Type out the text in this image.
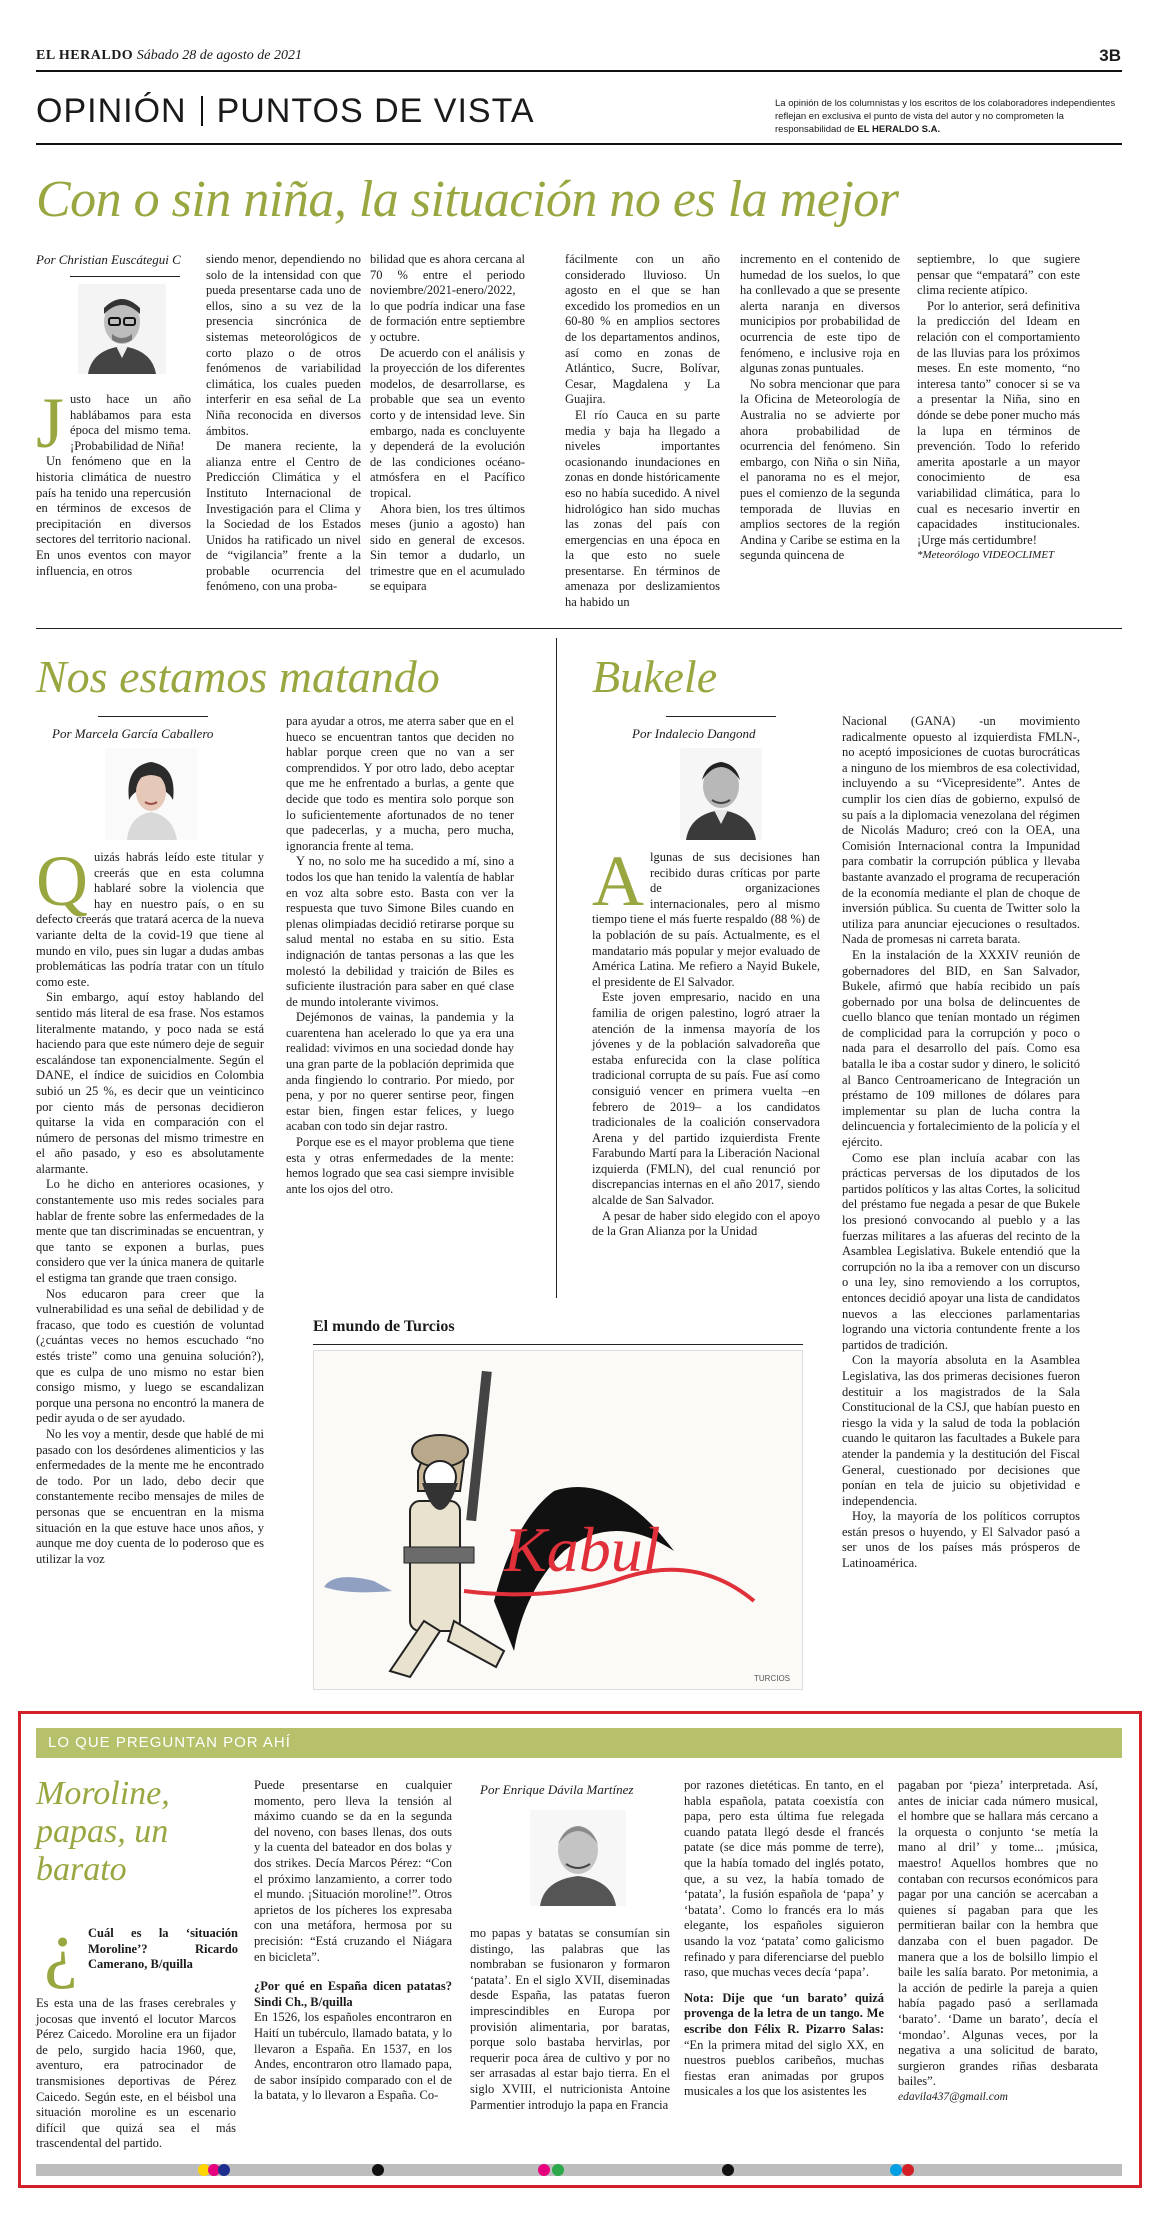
EL HERALDO Sábado 28 de agosto de 2021	3B
OPINIÓN PUNTOS DE VISTA	La opinión de los columnistas y los escritos de los colaboradores independientes reflejan en exclusiva el punto de vista del autor y no comprometen la responsabilidad de EL HERALDO S.A.
Con o sin niña, la situación no es la mejor
Por Christian Euscátegui C
J usto hace un año hablábamos para esta época del mismo tema. ¡Probabilidad de Niña!

Un fenómeno que en la historia climática de nuestro país ha tenido una repercusión en términos de excesos de precipitación en diversos sectores del territorio nacional. En unos eventos con mayor influencia, en otros

siendo menor, dependiendo no solo de la intensidad con que pueda presentarse cada uno de ellos, sino a su vez de la presencia sincrónica de sistemas meteorológicos de corto plazo o de otros fenómenos de variabilidad climática, los cuales pueden interferir en esa señal de La Niña reconocida en diversos ámbitos.

De manera reciente, la alianza entre el Centro de Predicción Climática y el Instituto Internacional de Investigación para el Clima y la Sociedad de los Estados Unidos ha ratificado un nivel de “vigilancia” frente a la probable ocurrencia del fenómeno, con una proba-

bilidad que es ahora cercana al 70 % entre el periodo noviembre/2021-enero/2022, lo que podría indicar una fase de formación entre septiembre y octubre.

De acuerdo con el análisis y la proyección de los diferentes modelos, de desarrollarse, es probable que sea un evento corto y de intensidad leve. Sin embargo, nada es concluyente y dependerá de la evolución de las condiciones océano-atmósfera en el Pacífico tropical.

Ahora bien, los tres últimos meses (junio a agosto) han sido en general de excesos. Sin temor a dudarlo, un trimestre que en el acumulado se equipara

fácilmente con un año considerado lluvioso. Un agosto en el que se han excedido los promedios en un 60-80 % en amplios sectores de los departamentos andinos, así como en zonas de Atlántico, Sucre, Bolívar, Cesar, Magdalena y La Guajira.

El río Cauca en su parte media y baja ha llegado a niveles importantes ocasionando inundaciones en zonas en donde históricamente eso no había sucedido. A nivel hidrológico han sido muchas las zonas del país con emergencias en una época en la que esto no suele presentarse. En términos de amenaza por deslizamientos ha habido un

incremento en el contenido de humedad de los suelos, lo que ha conllevado a que se presente alerta naranja en diversos municipios por probabilidad de ocurrencia de este tipo de fenómeno, e inclusive roja en algunas zonas puntuales.

No sobra mencionar que para la Oficina de Meteorología de Australia no se advierte por ahora probabilidad de ocurrencia del fenómeno. Sin embargo, con Niña o sin Niña, el panorama no es el mejor, pues el comienzo de la segunda temporada de lluvias en amplios sectores de la región Andina y Caribe se estima en la segunda quincena de

septiembre, lo que sugiere pensar que “empatará” con este clima reciente atípico.

Por lo anterior, será definitiva la predicción del Ideam en relación con el comportamiento de las lluvias para los próximos meses. En este momento, “no interesa tanto” conocer si se va a presentar la Niña, sino en dónde se debe poner mucho más la lupa en términos de prevención. Todo lo referido amerita apostarle a un mayor conocimiento de esa variabilidad climática, para lo cual es necesario invertir en capacidades institucionales. ¡Urge más certidumbre!

*Meteorólogo VIDEOCLIMET

Nos estamos matando
Por Marcela García Caballero
Q uizás habrás leído este titular y creerás que en esta columna hablaré sobre la violencia que hay en nuestro país, o en su defecto creerás que tratará acerca de la nueva variante delta de la covid-19 que tiene al mundo en vilo, pues sin lugar a dudas ambas problemáticas las podría tratar con un título como este.

Sin embargo, aquí estoy hablando del sentido más literal de esa frase. Nos estamos literalmente matando, y poco nada se está haciendo para que este número deje de seguir escalándose tan exponencialmente. Según el DANE, el índice de suicidios en Colombia subió un 25 %, es decir que un veinticinco por ciento más de personas decidieron quitarse la vida en comparación con el número de personas del mismo trimestre en el año pasado, y eso es absolutamente alarmante.

Lo he dicho en anteriores ocasiones, y constantemente uso mis redes sociales para hablar de frente sobre las enfermedades de la mente que tan discriminadas se encuentran, y que tanto se exponen a burlas, pues considero que ver la única manera de quitarle el estigma tan grande que traen consigo.

Nos educaron para creer que la vulnerabilidad es una señal de debilidad y de fracaso, que todo es cuestión de voluntad (¿cuántas veces no hemos escuchado “no estés triste” como una genuina solución?), que es culpa de uno mismo no estar bien consigo mismo, y luego se escandalizan porque una persona no encontró la manera de pedir ayuda o de ser ayudado.

No les voy a mentir, desde que hablé de mi pasado con los desórdenes alimenticios y las enfermedades de la mente me he encontrado de todo. Por un lado, debo decir que constantemente recibo mensajes de miles de personas que se encuentran en la misma situación en la que estuve hace unos años, y aunque me doy cuenta de lo poderoso que es utilizar la voz

para ayudar a otros, me aterra saber que en el hueco se encuentran tantos que deciden no hablar porque creen que no van a ser comprendidos. Y por otro lado, debo aceptar que me he enfrentado a burlas, a gente que decide que todo es mentira solo porque son lo suficientemente afortunados de no tener que padecerlas, y a mucha, pero mucha, ignorancia frente al tema.

Y no, no solo me ha sucedido a mí, sino a todos los que han tenido la valentía de hablar en voz alta sobre esto. Basta con ver la respuesta que tuvo Simone Biles cuando en plenas olimpiadas decidió retirarse porque su salud mental no estaba en su sitio. Esta indignación de tantas personas a las que les molestó la debilidad y traición de Biles es suficiente ilustración para saber en qué clase de mundo intolerante vivimos.

Dejémonos de vainas, la pandemia y la cuarentena han acelerado lo que ya era una realidad: vivimos en una sociedad donde hay una gran parte de la población deprimida que anda fingiendo lo contrario. Por miedo, por pena, y por no querer sentirse peor, fingen estar bien, fingen estar felices, y luego acaban con todo sin dejar rastro.

Porque ese es el mayor problema que tiene esta y otras enfermedades de la mente: hemos logrado que sea casi siempre invisible ante los ojos del otro.

Bukele
Por Indalecio Dangond
A lgunas de sus decisiones han recibido duras críticas por parte de organizaciones internacionales, pero al mismo tiempo tiene el más fuerte respaldo (88 %) de la población de su país. Actualmente, es el mandatario más popular y mejor evaluado de América Latina. Me refiero a Nayid Bukele, el presidente de El Salvador.

Este joven empresario, nacido en una familia de origen palestino, logró atraer la atención de la inmensa mayoría de los jóvenes y de la población salvadoreña que estaba enfurecida con la clase política tradicional corrupta de su país. Fue así como consiguió vencer en primera vuelta –en febrero de 2019– a los candidatos tradicionales de la coalición conservadora Arena y del partido izquierdista Frente Farabundo Martí para la Liberación Nacional izquierda (FMLN), del cual renunció por discrepancias internas en el año 2017, siendo alcalde de San Salvador.

A pesar de haber sido elegido con el apoyo de la Gran Alianza por la Unidad

Nacional (GANA) -un movimiento radicalmente opuesto al izquierdista FMLN-, no aceptó imposiciones de cuotas burocráticas a ninguno de los miembros de esa colectividad, incluyendo a su “Vicepresidente”. Antes de cumplir los cien días de gobierno, expulsó de su país a la diplomacia venezolana del régimen de Nicolás Maduro; creó con la OEA, una Comisión Internacional contra la Impunidad para combatir la corrupción pública y llevaba bastante avanzado el programa de recuperación de la economía mediante el plan de choque de inversión pública. Su cuenta de Twitter solo la utiliza para anunciar ejecuciones o resultados. Nada de promesas ni carreta barata.

En la instalación de la XXXIV reunión de gobernadores del BID, en San Salvador, Bukele, afirmó que había recibido un país gobernado por una bolsa de delincuentes de cuello blanco que tenían montado un régimen de complicidad para la corrupción y poco o nada para el desarrollo del país. Como esa batalla le iba a costar sudor y dinero, le solicitó al Banco Centroamericano de Integración un préstamo de 109 millones de dólares para implementar su plan de lucha contra la delincuencia y fortalecimiento de la policía y el ejército.

Como ese plan incluía acabar con las prácticas perversas de los diputados de los partidos políticos y las altas Cortes, la solicitud del préstamo fue negada a pesar de que Bukele los presionó convocando al pueblo y a las fuerzas militares a las afueras del recinto de la Asamblea Legislativa. Bukele entendió que la corrupción no la iba a remover con un discurso o una ley, sino removiendo a los corruptos, entonces decidió apoyar una lista de candidatos nuevos a las elecciones parlamentarias logrando una victoria contundente frente a los partidos de tradición.

Con la mayoría absoluta en la Asamblea Legislativa, las dos primeras decisiones fueron destituir a los magistrados de la Sala Constitucional de la CSJ, que habían puesto en riesgo la vida y la salud de toda la población cuando le quitaron las facultades a Bukele para atender la pandemia y la destitución del Fiscal General, cuestionado por decisiones que ponían en tela de juicio su objetividad e independencia.

Hoy, la mayoría de los políticos corruptos están presos o huyendo, y El Salvador pasó a ser unos de los países más prósperos de Latinoamérica.

El mundo de Turcios
Kabul
TURCIOS
LO QUE PREGUNTAN POR AHÍ
Moroline, papas, un barato
¿ Cuál es la ‘situación Moroline’? Ricardo Camerano, B/quilla

Es esta una de las frases cerebrales y jocosas que inventó el locutor Marcos Pérez Caicedo. Moroline era un fijador de pelo, surgido hacia 1960, que, aventuro, era patrocinador de transmisiones deportivas de Pérez Caicedo. Según este, en el béisbol una situación moroline es un escenario difícil que quizá sea el más trascendental del partido.

Puede presentarse en cualquier momento, pero lleva la tensión al máximo cuando se da en la segunda del noveno, con bases llenas, dos outs y la cuenta del bateador en dos bolas y dos strikes. Decía Marcos Pérez: “Con el próximo lanzamiento, a correr todo el mundo. ¡Situación moroline!”. Otros aprietos de los pícheres los expresaba con una metáfora, hermosa por su precisión: “Está cruzando el Niágara en bicicleta”.

¿Por qué en España dicen patatas? Sindi Ch., B/quilla

En 1526, los españoles encontraron en Haití un tubérculo, llamado batata, y lo llevaron a España. En 1537, en los Andes, encontraron otro llamado papa, de sabor insípido comparado con el de la batata, y lo llevaron a España. Co-

Por Enrique Dávila Martínez

mo papas y batatas se consumían sin distingo, las palabras que las nombraban se fusionaron y formaron ‘patata’. En el siglo XVII, diseminadas desde España, las patatas fueron imprescindibles en Europa por provisión alimentaria, por baratas, porque solo bastaba hervirlas, por requerir poca área de cultivo y por no ser arrasadas al estar bajo tierra. En el siglo XVIII, el nutricionista Antoine Parmentier introdujo la papa en Francia

por razones dietéticas. En tanto, en el habla española, patata coexistía con papa, pero esta última fue relegada cuando patata llegó desde el francés patate (se dice más pomme de terre), que la había tomado del inglés potato, que, a su vez, la había tomado de ‘patata’, la fusión española de ‘papa’ y ‘batata’. Como lo francés era lo más elegante, los españoles siguieron usando la voz ‘patata’ como galicismo refinado y para diferenciarse del pueblo raso, que muchas veces decía ‘papa’.

Nota: Dije que ‘un barato’ quizá provenga de la letra de un tango. Me escribe don Félix R. Pizarro Salas: “En la primera mitad del siglo XX, en nuestros pueblos caribeños, muchas fiestas eran animadas por grupos musicales a los que los asistentes les

pagaban por ‘pieza’ interpretada. Así, antes de iniciar cada número musical, el hombre que se hallara más cercano a la orquesta o conjunto ‘se metía la mano al dril’ y tome... ¡música, maestro! Aquellos hombres que no contaban con recursos económicos para pagar por una canción se acercaban a quienes sí pagaban para que les permitieran bailar con la hembra que danzaba con el buen pagador. De manera que a los de bolsillo limpio el baile les salía barato. Por metonimia, a la acción de pedirle la pareja a quien había pagado pasó a serllamada ‘barato’. ‘Dame un barato’, decía el ‘mondao’. Algunas veces, por la negativa a una solicitud de barato, surgieron grandes riñas desbarata bailes”.

edavila437@gmail.com
